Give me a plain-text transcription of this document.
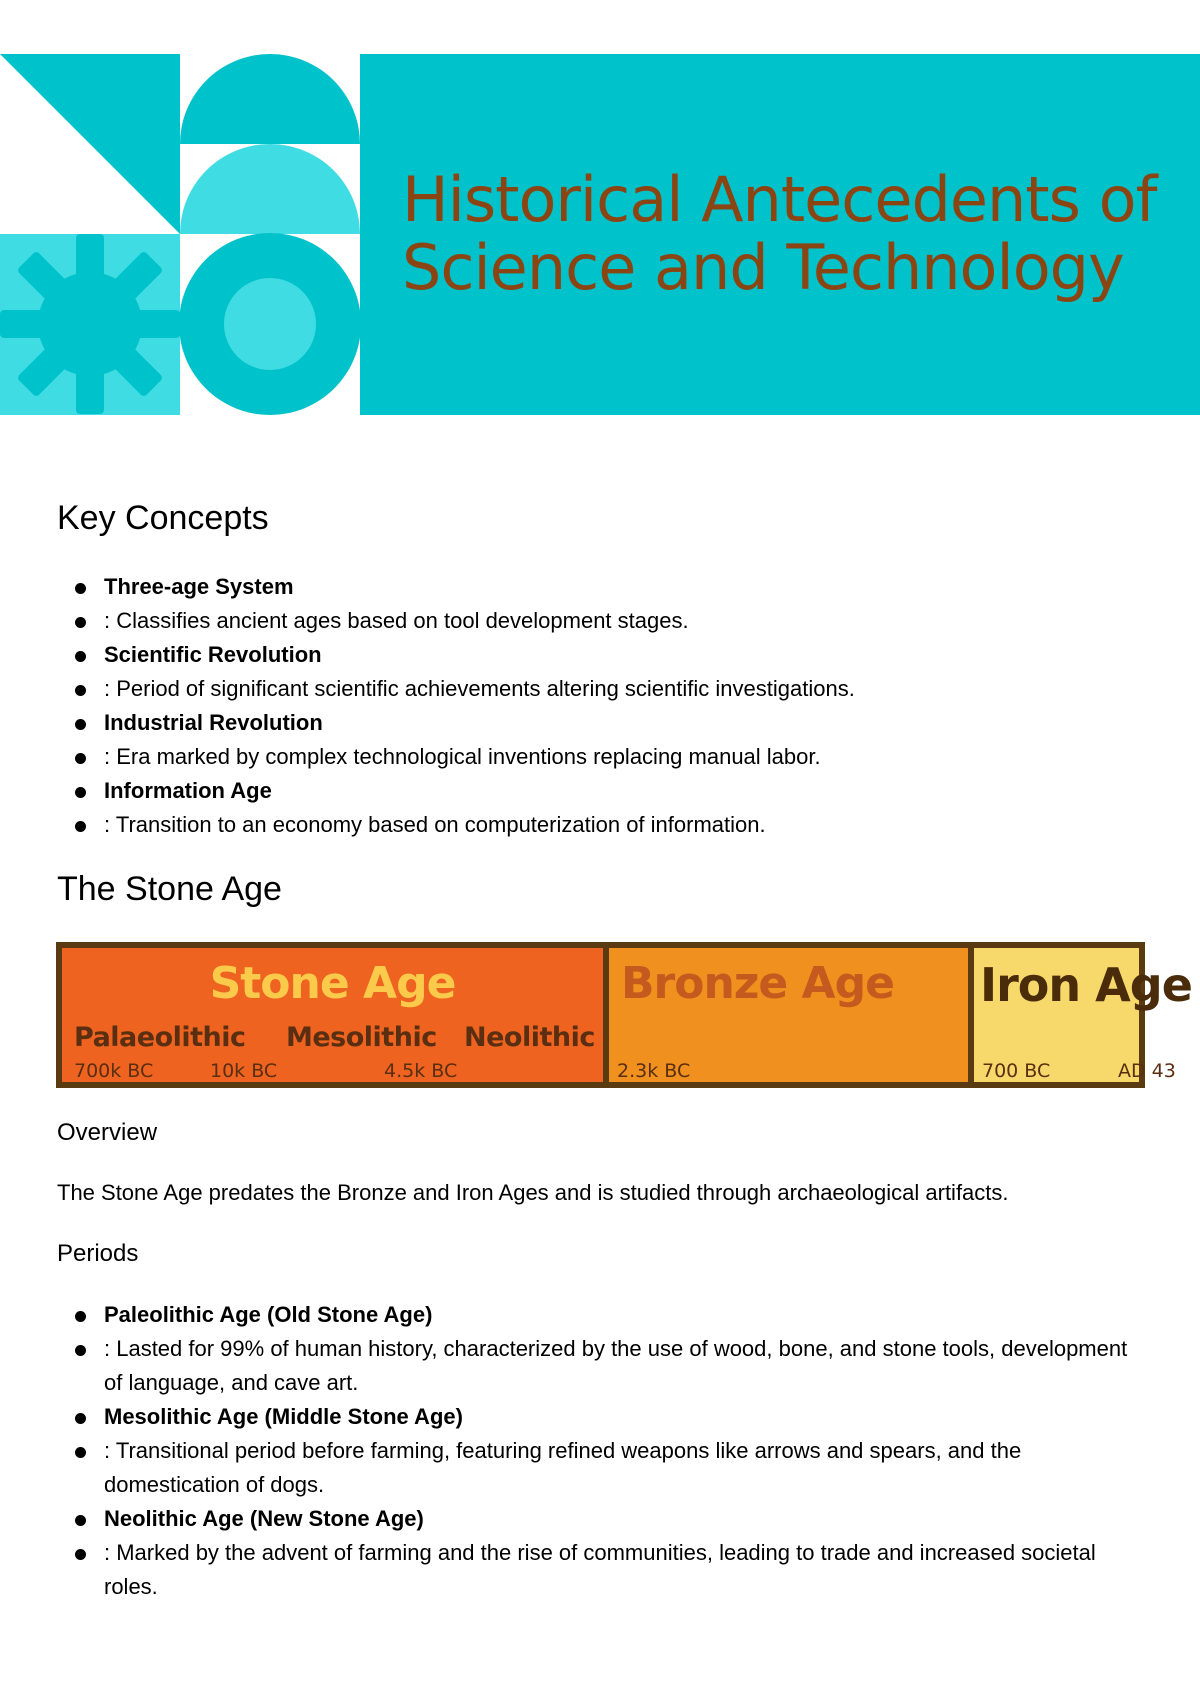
Historical Antecedents of Science and Technology
Key Concepts
Three-age System
: Classifies ancient ages based on tool development stages.
Scientific Revolution
: Period of significant scientific achievements altering scientific investigations.
Industrial Revolution
: Era marked by complex technological inventions replacing manual labor.
Information Age
: Transition to an economy based on computerization of information.
The Stone Age

Stone Age

Palaeolithic Mesolithic Neolithic
700k BC	10k BC	4.5k BC

Bronze Age

2.3k BC

Iron Age

700 BC	AD 43
Overview

The Stone Age predates the Bronze and Iron Ages and is studied through archaeological artifacts.

Periods
Paleolithic Age (Old Stone Age)
: Lasted for 99% of human history, characterized by the use of wood, bone, and stone tools, development of language, and cave art.
Mesolithic Age (Middle Stone Age)
: Transitional period before farming, featuring refined weapons like arrows and spears, and the domestication of dogs.
Neolithic Age (New Stone Age)
: Marked by the advent of farming and the rise of communities, leading to trade and increased societal roles.
